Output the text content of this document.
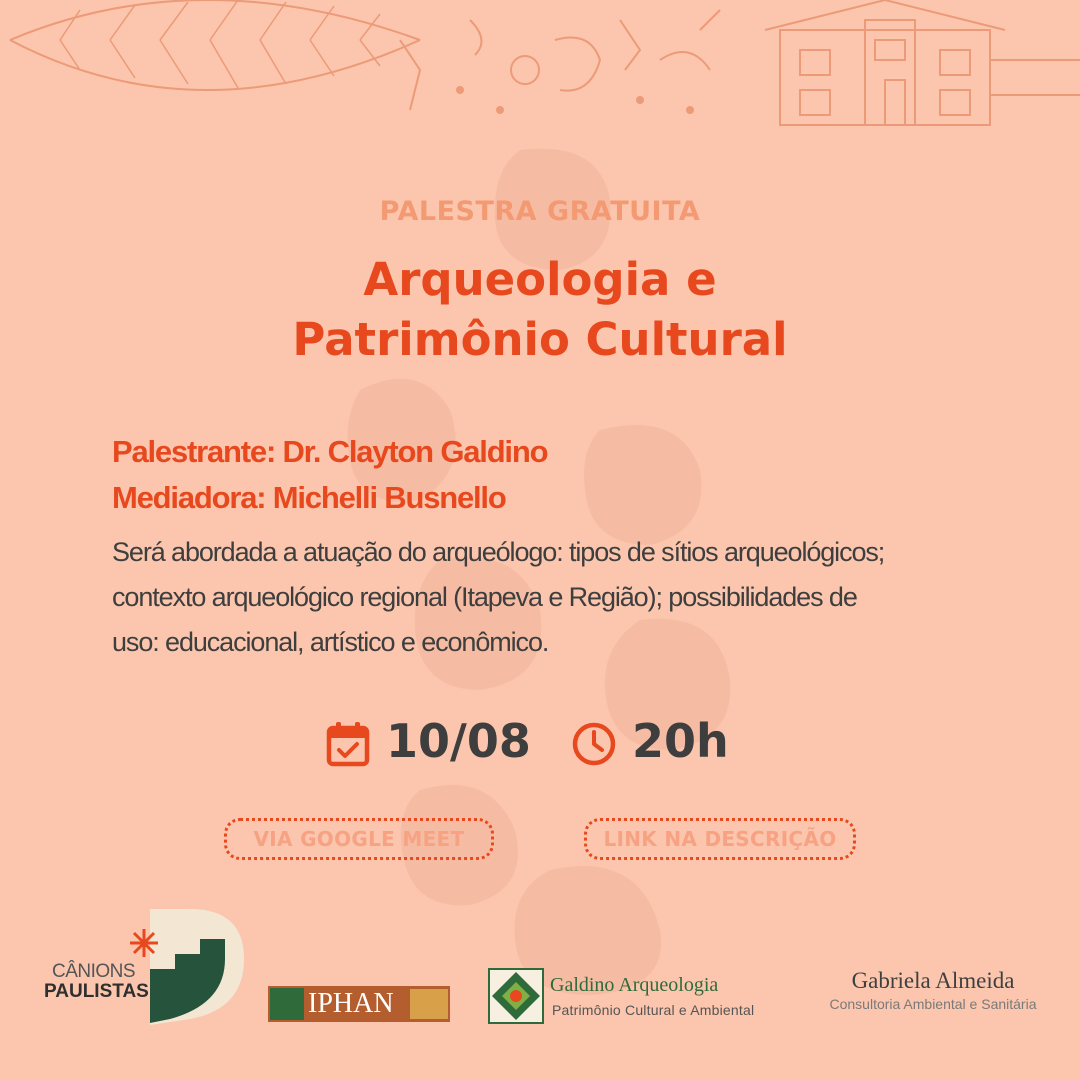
PALESTRA GRATUITA
Arqueologia e
Patrimônio Cultural
Palestrante: Dr. Clayton Galdino
Mediadora: Michelli Busnello
Será abordada a atuação do arqueólogo: tipos de sítios arqueológicos;
contexto arqueológico regional (Itapeva e Região); possibilidades de
uso: educacional, artístico e econômico.
10/08 20h
VIA GOOGLE MEET	LINK NA DESCRIÇÃO
CÂNIONS
PAULISTAS	IPHAN
Galdino Arqueologia
Patrimônio Cultural e Ambiental
Gabriela Almeida
Consultoria Ambiental e Sanitária
